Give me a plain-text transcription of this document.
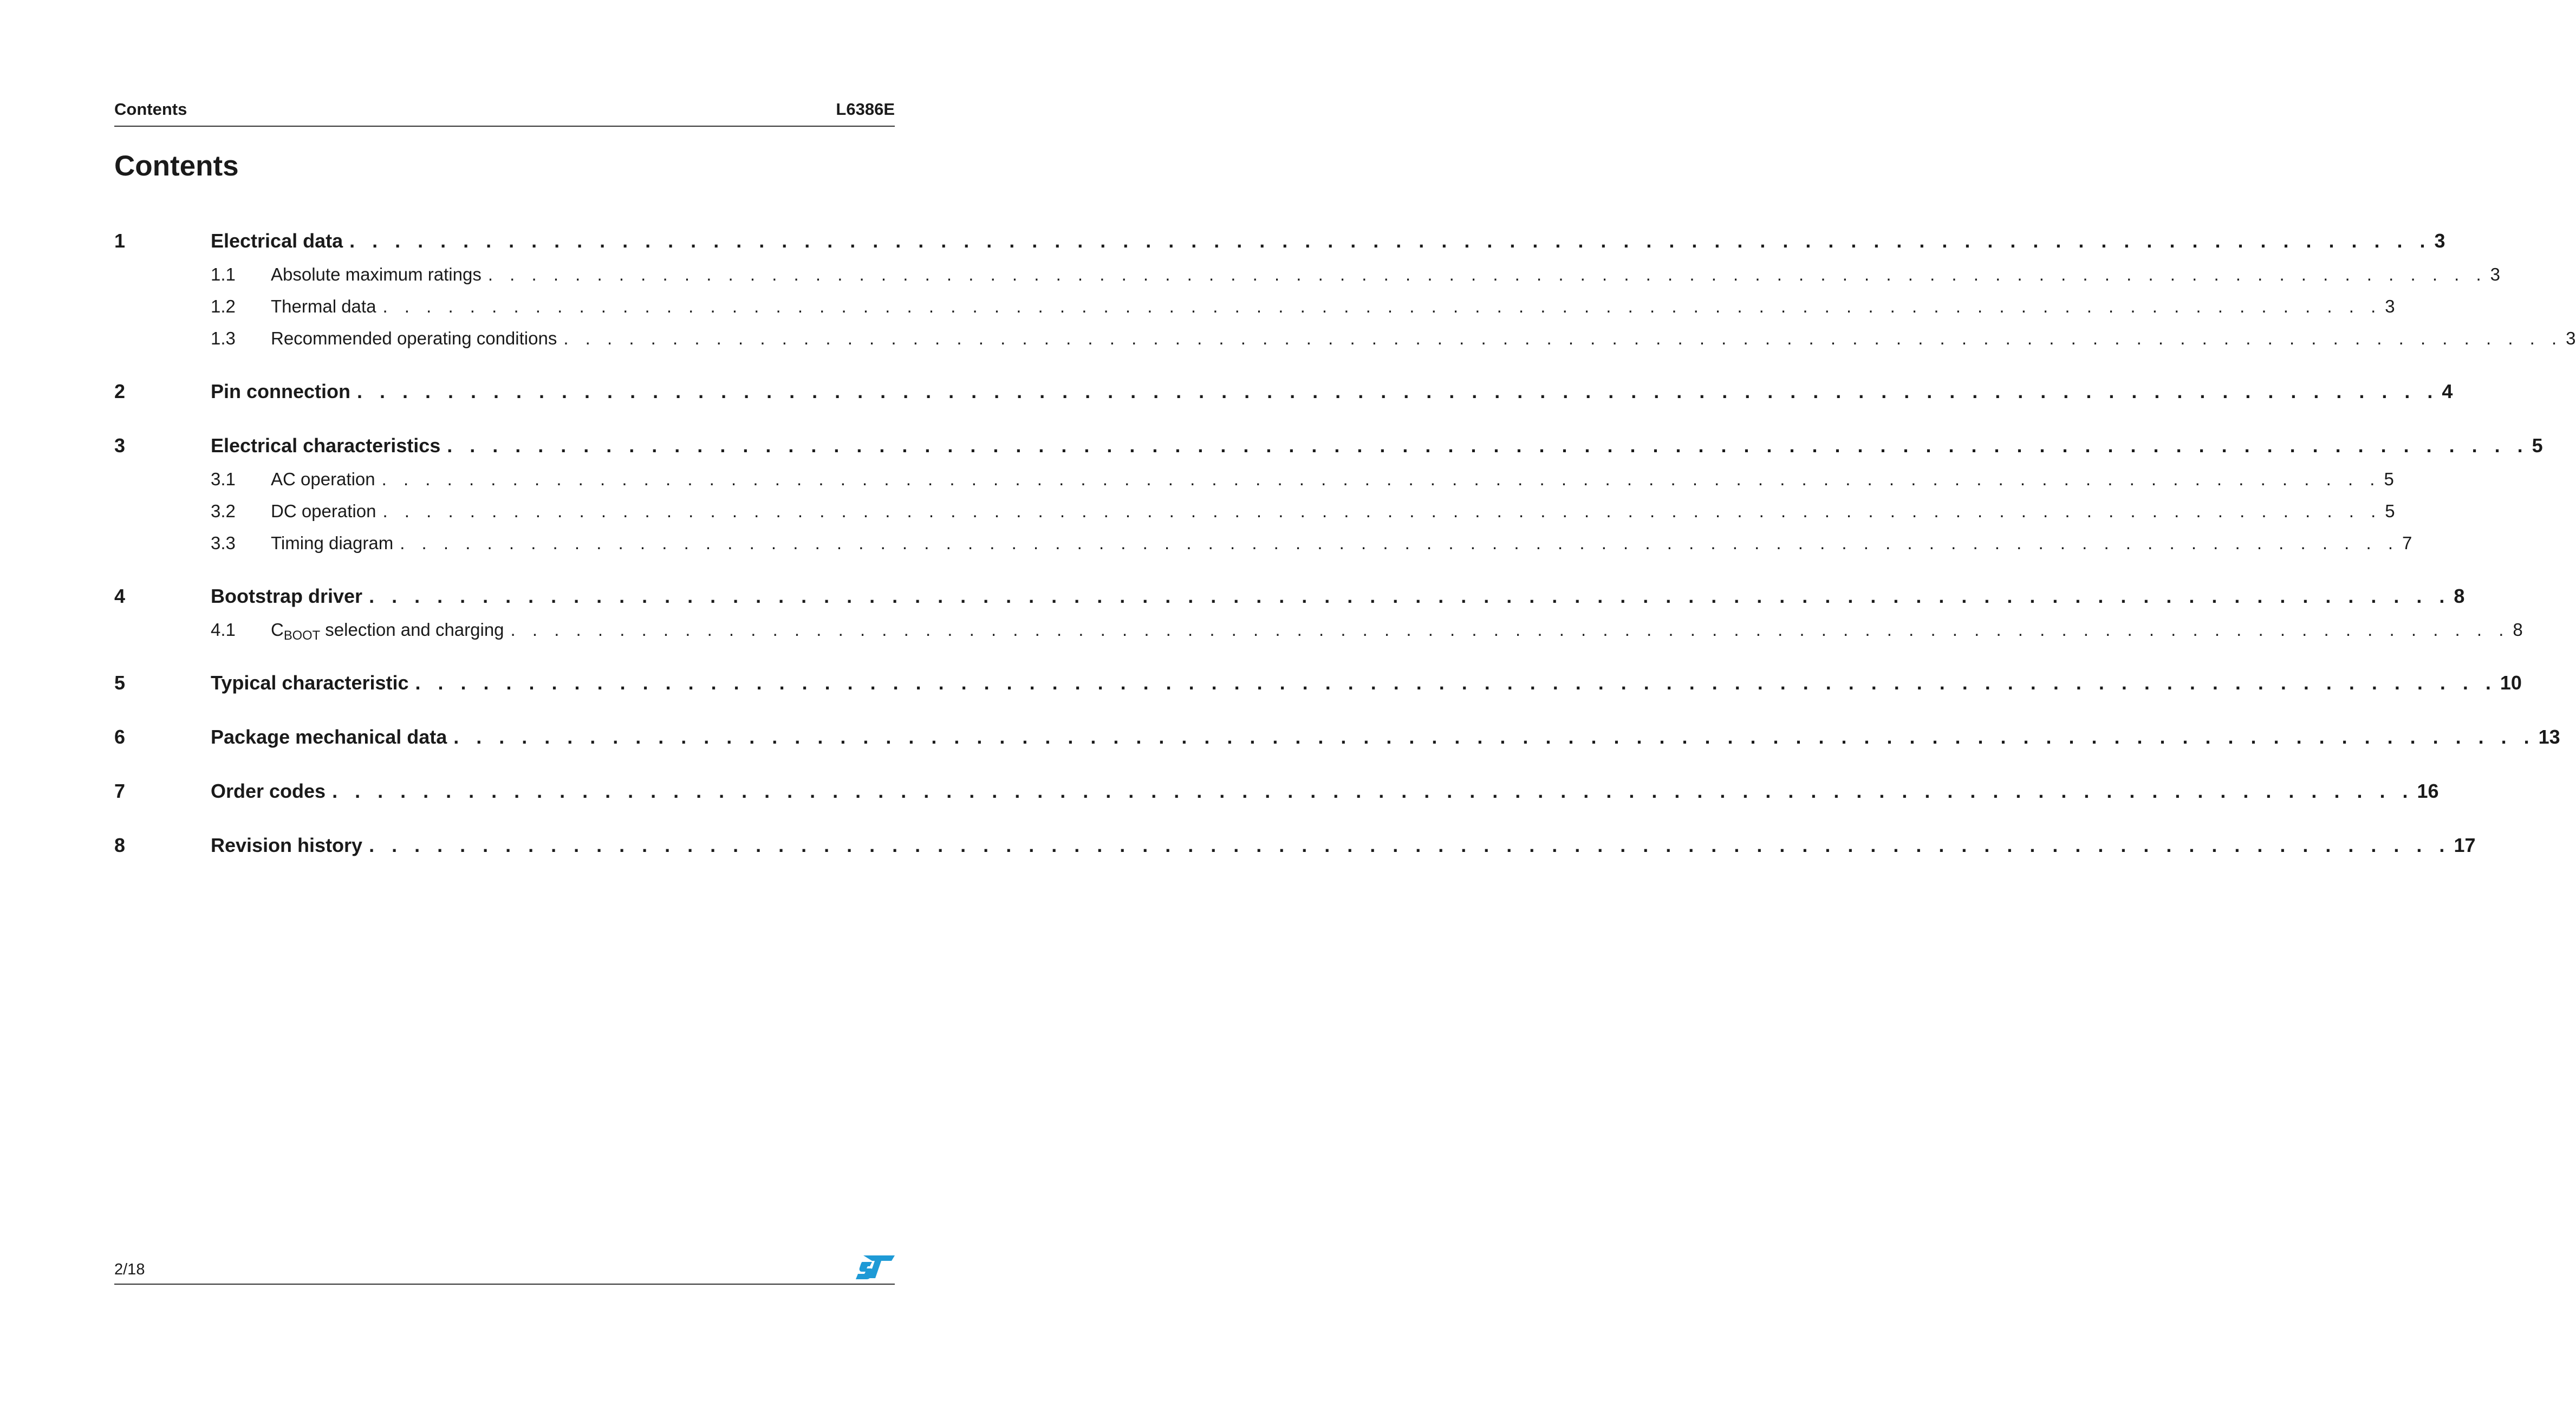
Contents	L6386E
Contents
1	Electrical data . . . . . . . . . . . . . . . . . . . . . . . . . . . . . . . . . . . . . . . . . . . . . . . . . . . . . . . . . . . . . . . . . . . . . . . . . . . . . . . . . . . . . . . . . . . . 3
1.1 Absolute maximum ratings . . . . . . . . . . . . . . . . . . . . . . . . . . . . . . . . . . . . . . . . . . . . . . . . . . . . . . . . . . . . . . . . . . . . . . . . . . . . . . . . . . . . . . . . . . . . 3
1.2 Thermal data . . . . . . . . . . . . . . . . . . . . . . . . . . . . . . . . . . . . . . . . . . . . . . . . . . . . . . . . . . . . . . . . . . . . . . . . . . . . . . . . . . . . . . . . . . . . 3
1.3 Recommended operating conditions . . . . . . . . . . . . . . . . . . . . . . . . . . . . . . . . . . . . . . . . . . . . . . . . . . . . . . . . . . . . . . . . . . . . . . . . . . . . . . . . . . . . . . . . . . . . 3
2	Pin connection . . . . . . . . . . . . . . . . . . . . . . . . . . . . . . . . . . . . . . . . . . . . . . . . . . . . . . . . . . . . . . . . . . . . . . . . . . . . . . . . . . . . . . . . . . . . 4
3	Electrical characteristics . . . . . . . . . . . . . . . . . . . . . . . . . . . . . . . . . . . . . . . . . . . . . . . . . . . . . . . . . . . . . . . . . . . . . . . . . . . . . . . . . . . . . . . . . . . . 5
3.1 AC operation . . . . . . . . . . . . . . . . . . . . . . . . . . . . . . . . . . . . . . . . . . . . . . . . . . . . . . . . . . . . . . . . . . . . . . . . . . . . . . . . . . . . . . . . . . . . 5
3.2 DC operation . . . . . . . . . . . . . . . . . . . . . . . . . . . . . . . . . . . . . . . . . . . . . . . . . . . . . . . . . . . . . . . . . . . . . . . . . . . . . . . . . . . . . . . . . . . . 5
3.3 Timing diagram . . . . . . . . . . . . . . . . . . . . . . . . . . . . . . . . . . . . . . . . . . . . . . . . . . . . . . . . . . . . . . . . . . . . . . . . . . . . . . . . . . . . . . . . . . . . 7
4	Bootstrap driver . . . . . . . . . . . . . . . . . . . . . . . . . . . . . . . . . . . . . . . . . . . . . . . . . . . . . . . . . . . . . . . . . . . . . . . . . . . . . . . . . . . . . . . . . . . . 8
4.1 $C_{BOOT}$ selection and charging . . . . . . . . . . . . . . . . . . . . . . . . . . . . . . . . . . . . . . . . . . . . . . . . . . . . . . . . . . . . . . . . . . . . . . . . . . . . . . . . . . . . . . . . . . . . 8
5	Typical characteristic . . . . . . . . . . . . . . . . . . . . . . . . . . . . . . . . . . . . . . . . . . . . . . . . . . . . . . . . . . . . . . . . . . . . . . . . . . . . . . . . . . . . . . . . . . . . 10
6	Package mechanical data . . . . . . . . . . . . . . . . . . . . . . . . . . . . . . . . . . . . . . . . . . . . . . . . . . . . . . . . . . . . . . . . . . . . . . . . . . . . . . . . . . . . . . . . . . . . 13
7	Order codes . . . . . . . . . . . . . . . . . . . . . . . . . . . . . . . . . . . . . . . . . . . . . . . . . . . . . . . . . . . . . . . . . . . . . . . . . . . . . . . . . . . . . . . . . . . . 16
8	Revision history . . . . . . . . . . . . . . . . . . . . . . . . . . . . . . . . . . . . . . . . . . . . . . . . . . . . . . . . . . . . . . . . . . . . . . . . . . . . . . . . . . . . . . . . . . . . 17
2/18
